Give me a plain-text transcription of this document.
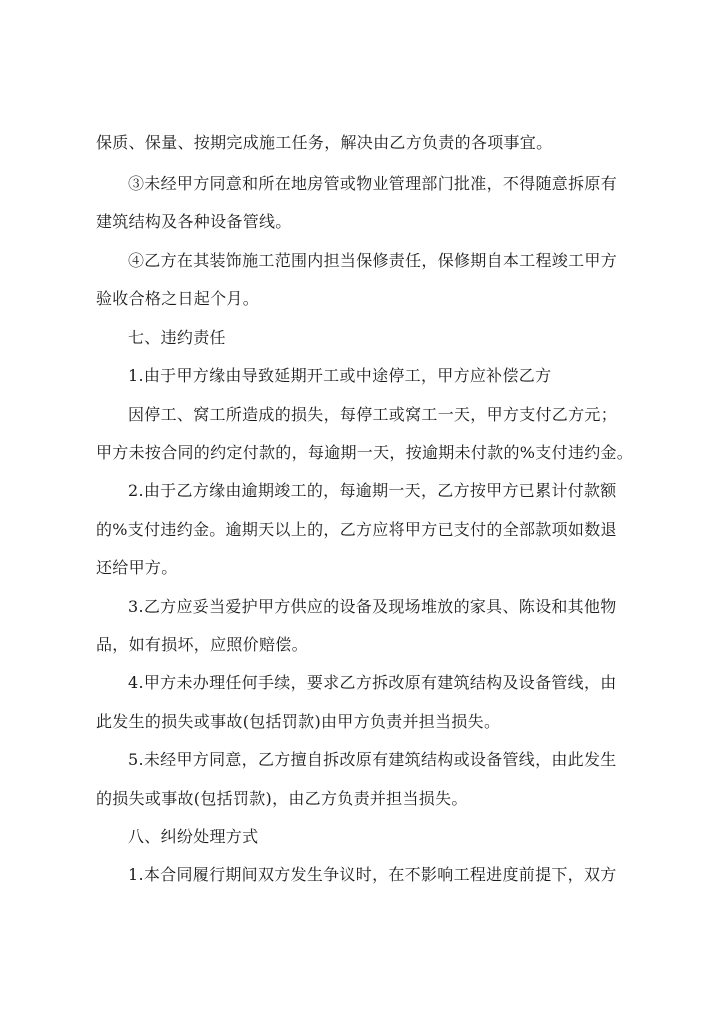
保质、保量、按期完成施工任务，解决由乙方负责的各项事宜。
③未经甲方同意和所在地房管或物业管理部门批准，不得随意拆原有
建筑结构及各种设备管线。
④乙方在其装饰施工范围内担当保修责任，保修期自本工程竣工甲方
验收合格之日起个月。
七、违约责任
1.由于甲方缘由导致延期开工或中途停工，甲方应补偿乙方
因停工、窝工所造成的损失，每停工或窝工一天，甲方支付乙方元；
甲方未按合同的约定付款的，每逾期一天，按逾期未付款的%支付违约金。
2.由于乙方缘由逾期竣工的，每逾期一天，乙方按甲方已累计付款额
的%支付违约金。逾期天以上的，乙方应将甲方已支付的全部款项如数退
还给甲方。
3.乙方应妥当爱护甲方供应的设备及现场堆放的家具、陈设和其他物
品，如有损坏，应照价赔偿。
4.甲方未办理任何手续，要求乙方拆改原有建筑结构及设备管线，由
此发生的损失或事故(包括罚款)由甲方负责并担当损失。
5.未经甲方同意，乙方擅自拆改原有建筑结构或设备管线，由此发生
的损失或事故(包括罚款)，由乙方负责并担当损失。
八、纠纷处理方式
1.本合同履行期间双方发生争议时，在不影响工程进度前提下，双方
